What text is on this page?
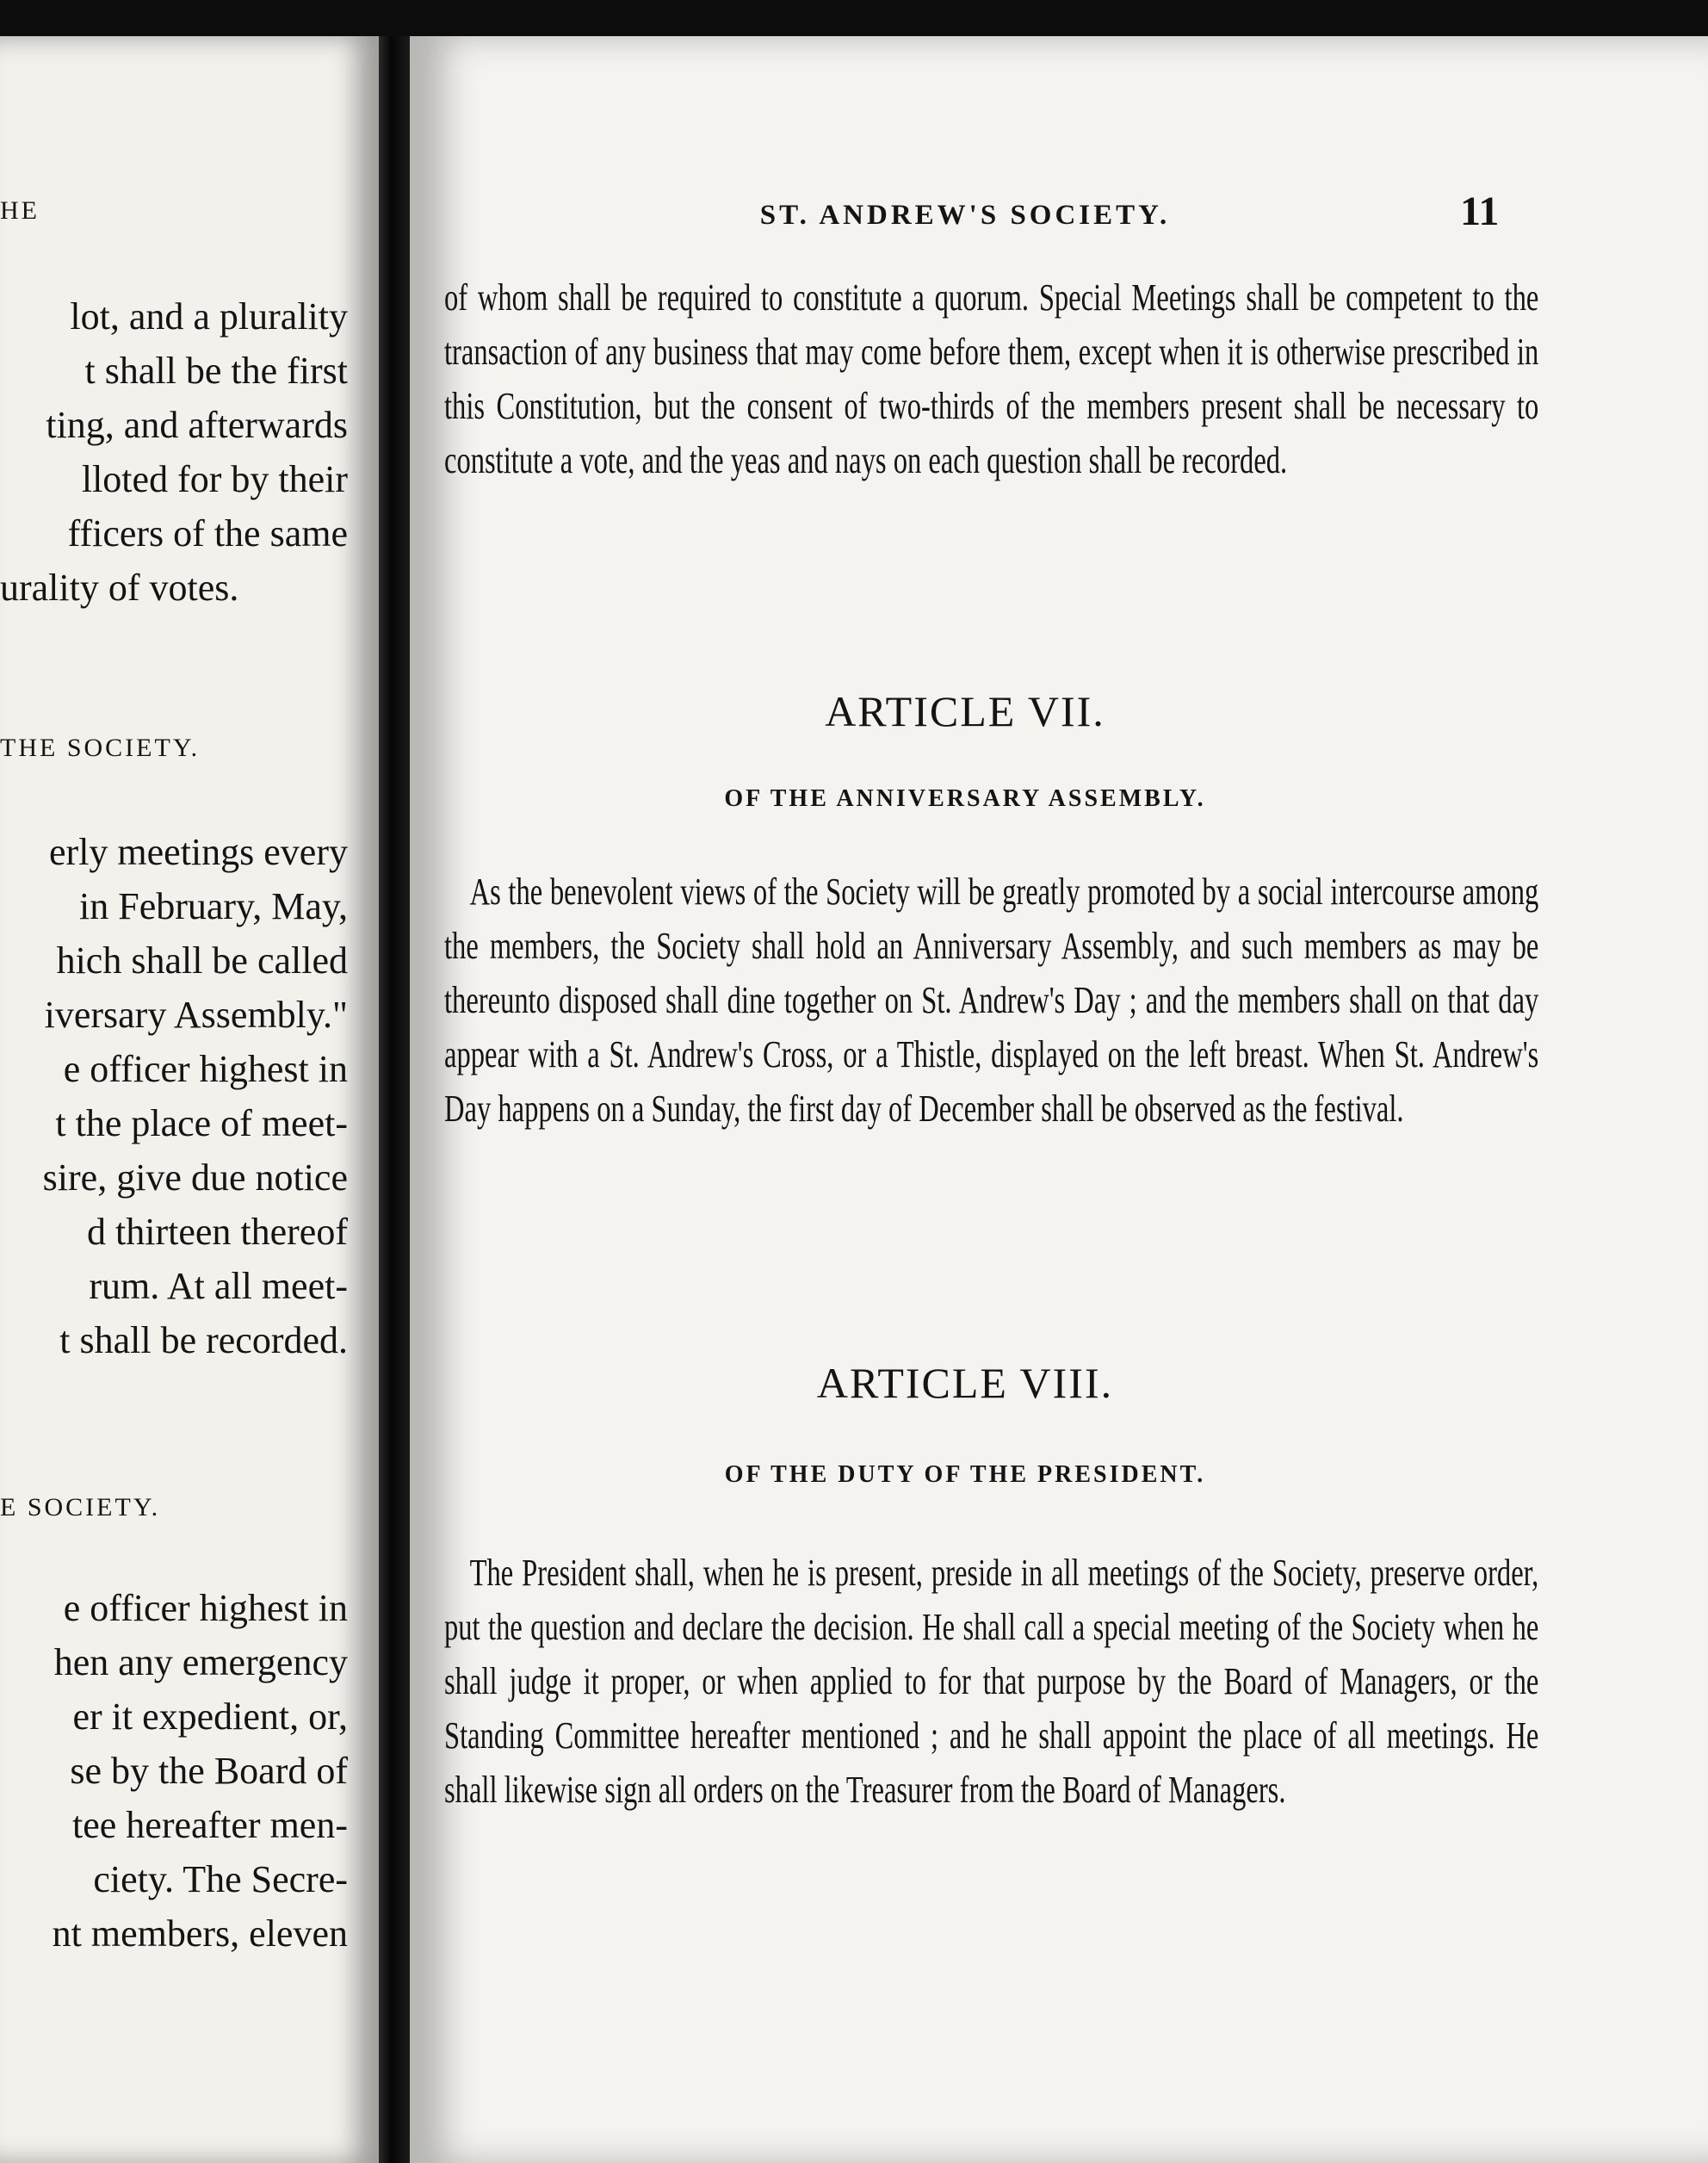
HE
lot, and a plurality
t shall be the first
ting, and afterwards
lloted for by their
fficers of the same
urality of votes.
THE SOCIETY.
erly meetings every
in February, May,
hich shall be called
iversary Assembly."
e officer highest in
t the place of meet-
sire, give due notice
d thirteen thereof
rum. At all meet-
t shall be recorded.
E SOCIETY.
e officer highest in
hen any emergency
er it expedient, or,
se by the Board of
tee hereafter men-
ciety. The Secre-
nt members, eleven
ST. ANDREW'S SOCIETY.	11
of whom shall be required to constitute a quorum. Special Meetings shall be competent to the transaction of any business that may come before them, except when it is otherwise prescribed in this Constitution, but the consent of two-thirds of the members present shall be necessary to constitute a vote, and the yeas and nays on each question shall be recorded.
ARTICLE VII.
OF THE ANNIVERSARY ASSEMBLY.
As the benevolent views of the Society will be greatly promoted by a social intercourse among the members, the Society shall hold an Anniversary Assembly, and such members as may be thereunto disposed shall dine together on St. Andrew's Day ; and the members shall on that day appear with a St. Andrew's Cross, or a Thistle, displayed on the left breast. When St. Andrew's Day happens on a Sunday, the first day of December shall be observed as the festival.
ARTICLE VIII.
OF THE DUTY OF THE PRESIDENT.
The President shall, when he is present, preside in all meetings of the Society, preserve order, put the question and declare the decision. He shall call a special meeting of the Society when he shall judge it proper, or when applied to for that purpose by the Board of Managers, or the Standing Committee hereafter mentioned ; and he shall appoint the place of all meetings. He shall likewise sign all orders on the Treasurer from the Board of Managers.
